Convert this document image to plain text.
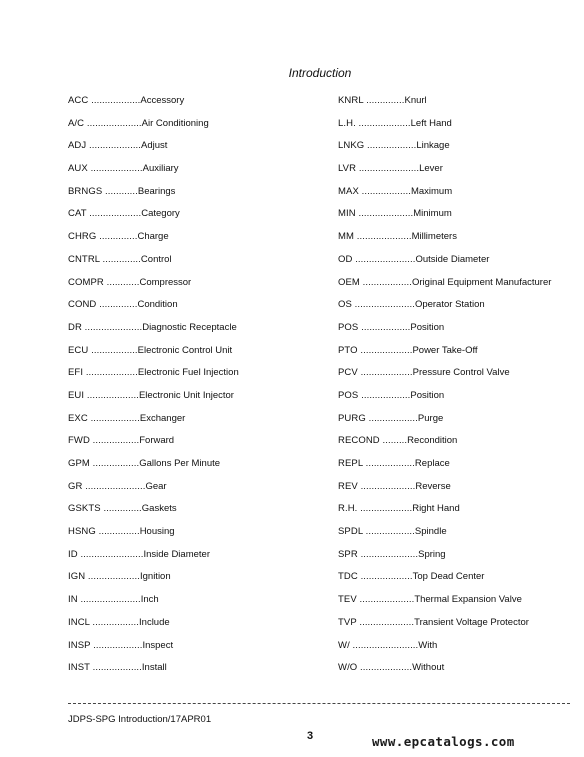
Introduction
ACC ..................Accessory
A/C ....................Air Conditioning
ADJ ...................Adjust
AUX ...................Auxiliary
BRNGS ............Bearings
CAT ...................Category
CHRG ..............Charge
CNTRL ..............Control
COMPR ............Compressor
COND ..............Condition
DR .....................Diagnostic Receptacle
ECU .................Electronic Control Unit
EFI ...................Electronic Fuel Injection
EUI ...................Electronic Unit Injector
EXC ..................Exchanger
FWD .................Forward
GPM .................Gallons Per Minute
GR ......................Gear
GSKTS ..............Gaskets
HSNG ...............Housing
ID .......................Inside Diameter
IGN ...................Ignition
IN ......................Inch
INCL .................Include
INSP ..................Inspect
INST ..................Install
KNRL ..............Knurl
L.H. ...................Left Hand
LNKG ..................Linkage
LVR ......................Lever
MAX ..................Maximum
MIN ....................Minimum
MM ....................Millimeters
OD ......................Outside Diameter
OEM ..................Original Equipment Manufacturer
OS ......................Operator Station
POS ..................Position
PTO ...................Power Take-Off
PCV ...................Pressure Control Valve
POS ..................Position
PURG ..................Purge
RECOND .........Recondition
REPL ..................Replace
REV ....................Reverse
R.H. ...................Right Hand
SPDL ..................Spindle
SPR .....................Spring
TDC ...................Top Dead Center
TEV ....................Thermal Expansion Valve
TVP ....................Transient Voltage Protector
W/ ........................With
W/O ...................Without
JDPS-SPG Introduction/17APR01
3	www.epcatalogs.com
